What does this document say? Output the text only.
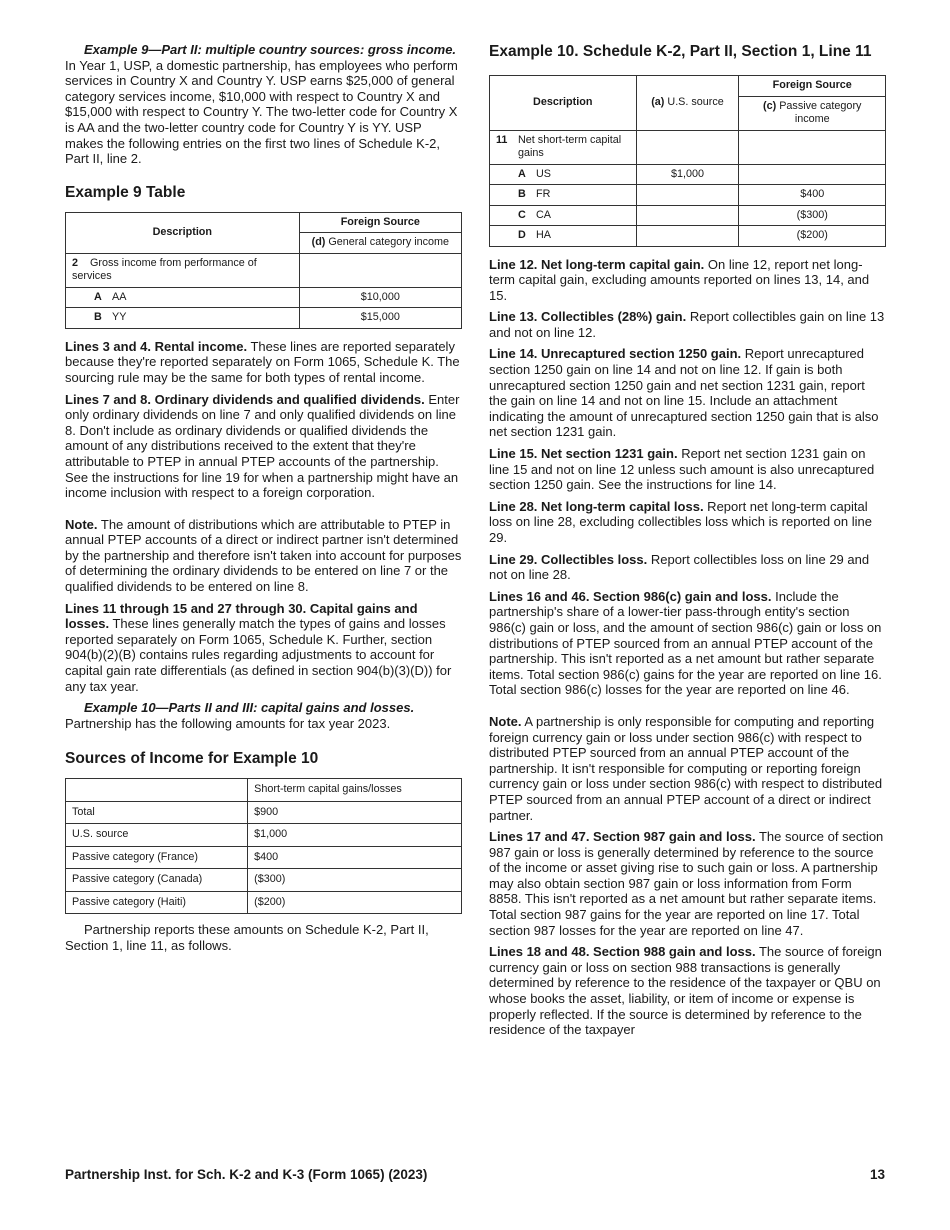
Example 9—Part II: multiple country sources: gross income. In Year 1, USP, a domestic partnership, has employees who perform services in Country X and Country Y. USP earns $25,000 of general category services income, $10,000 with respect to Country X and $15,000 with respect to Country Y. The two-letter code for Country X is AA and the two-letter country code for Country Y is YY. USP makes the following entries on the first two lines of Schedule K-2, Part II, line 2.

Example 9 Table
Description	Foreign Source
	(d) General category income
2 Gross income from performance of services	
A AA	$10,000
B YY	$15,000

Lines 3 and 4. Rental income. These lines are reported separately because they're reported separately on Form 1065, Schedule K. The sourcing rule may be the same for both types of rental income.

Lines 7 and 8. Ordinary dividends and qualified dividends. Enter only ordinary dividends on line 7 and only qualified dividends on line 8. Don't include as ordinary dividends or qualified dividends the amount of any distributions received to the extent that they're attributable to PTEP in annual PTEP accounts of the partnership. See the instructions for line 19 for when a partnership might have an income inclusion with respect to a foreign corporation.

Note. The amount of distributions which are attributable to PTEP in annual PTEP accounts of a direct or indirect partner isn't determined by the partnership and therefore isn't taken into account for purposes of determining the ordinary dividends to be entered on line 7 or the qualified dividends to be entered on line 8.

Lines 11 through 15 and 27 through 30. Capital gains and losses. These lines generally match the types of gains and losses reported separately on Form 1065, Schedule K. Further, section 904(b)(2)(B) contains rules regarding adjustments to account for capital gain rate differentials (as defined in section 904(b)(3)(D)) for any tax year.

Example 10—Parts II and III: capital gains and losses. Partnership has the following amounts for tax year 2023.

Sources of Income for Example 10
	Short-term capital gains/losses
Total	$900
U.S. source	$1,000
Passive category (France)	$400
Passive category (Canada)	($300)
Passive category (Haiti)	($200)

Partnership reports these amounts on Schedule K-2, Part II, Section 1, line 11, as follows.

Example 10. Schedule K-2, Part II, Section 1, Line 11
Description	(a) U.S. source	Foreign Source
		(c) Passive category income

11 Net short-term capital gains		

A US	$1,000	
B FR		$400
C CA		($300)
D HA		($200)

Line 12. Net long-term capital gain. On line 12, report net long-term capital gain, excluding amounts reported on lines 13, 14, and 15.

Line 13. Collectibles (28%) gain. Report collectibles gain on line 13 and not on line 12.

Line 14. Unrecaptured section 1250 gain. Report unrecaptured section 1250 gain on line 14 and not on line 12. If gain is both unrecaptured section 1250 gain and net section 1231 gain, report the gain on line 14 and not on line 15. Include an attachment indicating the amount of unrecaptured section 1250 gain that is also net section 1231 gain.

Line 15. Net section 1231 gain. Report net section 1231 gain on line 15 and not on line 12 unless such amount is also unrecaptured section 1250 gain. See the instructions for line 14.

Line 28. Net long-term capital loss. Report net long-term capital loss on line 28, excluding collectibles loss which is reported on line 29.

Line 29. Collectibles loss. Report collectibles loss on line 29 and not on line 28.

Lines 16 and 46. Section 986(c) gain and loss. Include the partnership's share of a lower-tier pass-through entity's section 986(c) gain or loss, and the amount of section 986(c) gain or loss on distributions of PTEP sourced from an annual PTEP account of the partnership. This isn't reported as a net amount but rather separate items. Total section 986(c) gains for the year are reported on line 16. Total section 986(c) losses for the year are reported on line 46.

Note. A partnership is only responsible for computing and reporting foreign currency gain or loss under section 986(c) with respect to distributed PTEP sourced from an annual PTEP account of the partnership. It isn't responsible for computing or reporting foreign currency gain or loss under section 986(c) with respect to distributed PTEP sourced from an annual PTEP account of a direct or indirect partner.

Lines 17 and 47. Section 987 gain and loss. The source of section 987 gain or loss is generally determined by reference to the source of the income or asset giving rise to such gain or loss. A partnership may also obtain section 987 gain or loss information from Form 8858. This isn't reported as a net amount but rather separate items. Total section 987 gains for the year are reported on line 17. Total section 987 losses for the year are reported on line 47.

Lines 18 and 48. Section 988 gain and loss. The source of foreign currency gain or loss on section 988 transactions is generally determined by reference to the residence of the taxpayer or QBU on whose books the asset, liability, or item of income or expense is properly reflected. If the source is determined by reference to the residence of the taxpayer

Partnership Inst. for Sch. K-2 and K-3 (Form 1065) (2023)	13
